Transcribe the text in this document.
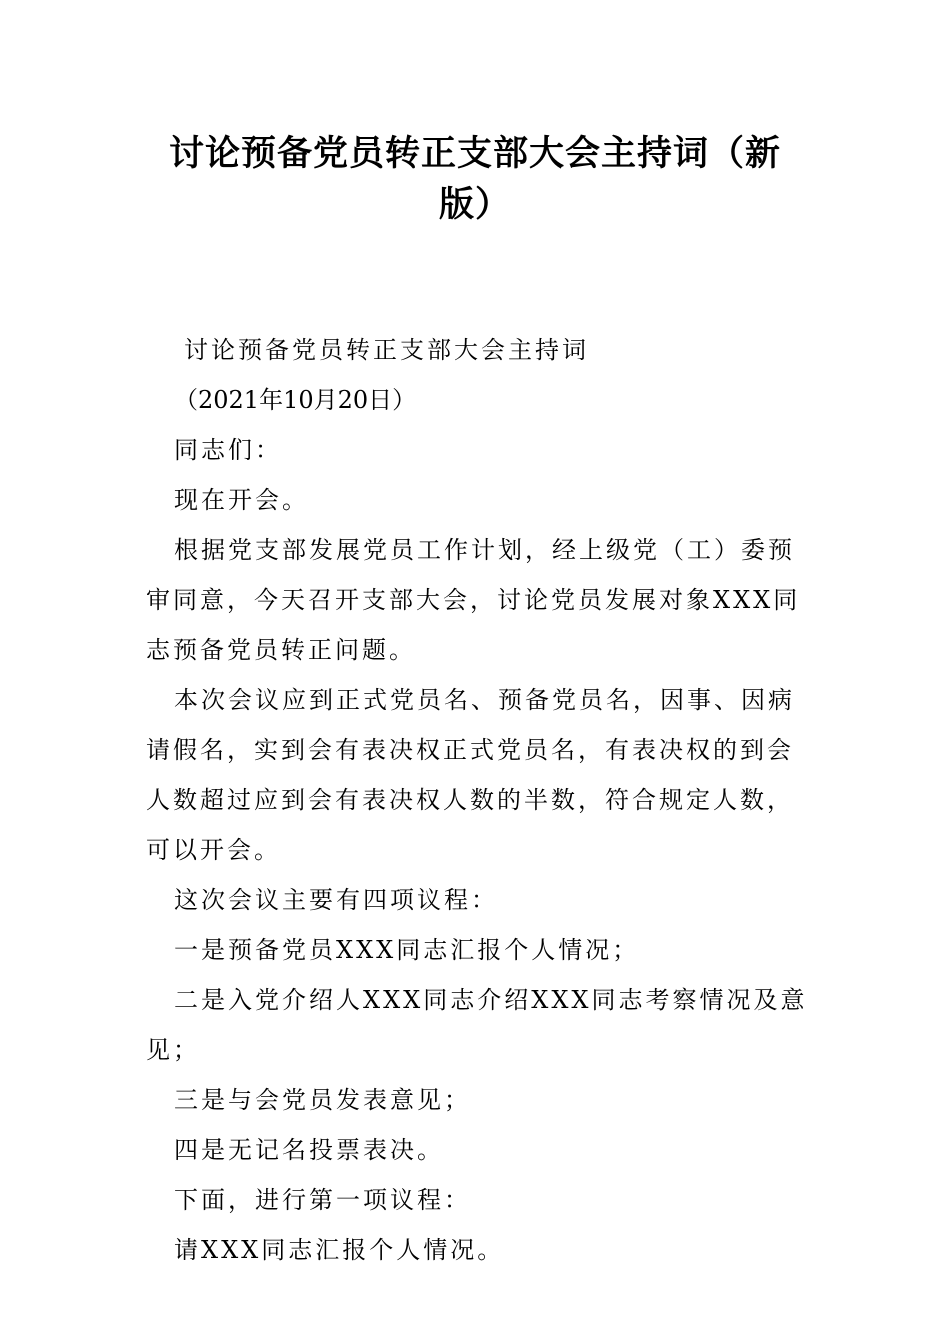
讨论预备党员转正支部大会主持词（新版）

讨论预备党员转正支部大会主持词

（2021年10月20日）

同志们：

现在开会。

根据党支部发展党员工作计划，经上级党（工）委预审同意，今天召开支部大会，讨论党员发展对象XXX同志预备党员转正问题。

本次会议应到正式党员名、预备党员名，因事、因病请假名，实到会有表决权正式党员名，有表决权的到会人数超过应到会有表决权人数的半数，符合规定人数，可以开会。

这次会议主要有四项议程：

一是预备党员XXX同志汇报个人情况；

二是入党介绍人XXX同志介绍XXX同志考察情况及意见；

三是与会党员发表意见；

四是无记名投票表决。

下面，进行第一项议程：

请XXX同志汇报个人情况。
